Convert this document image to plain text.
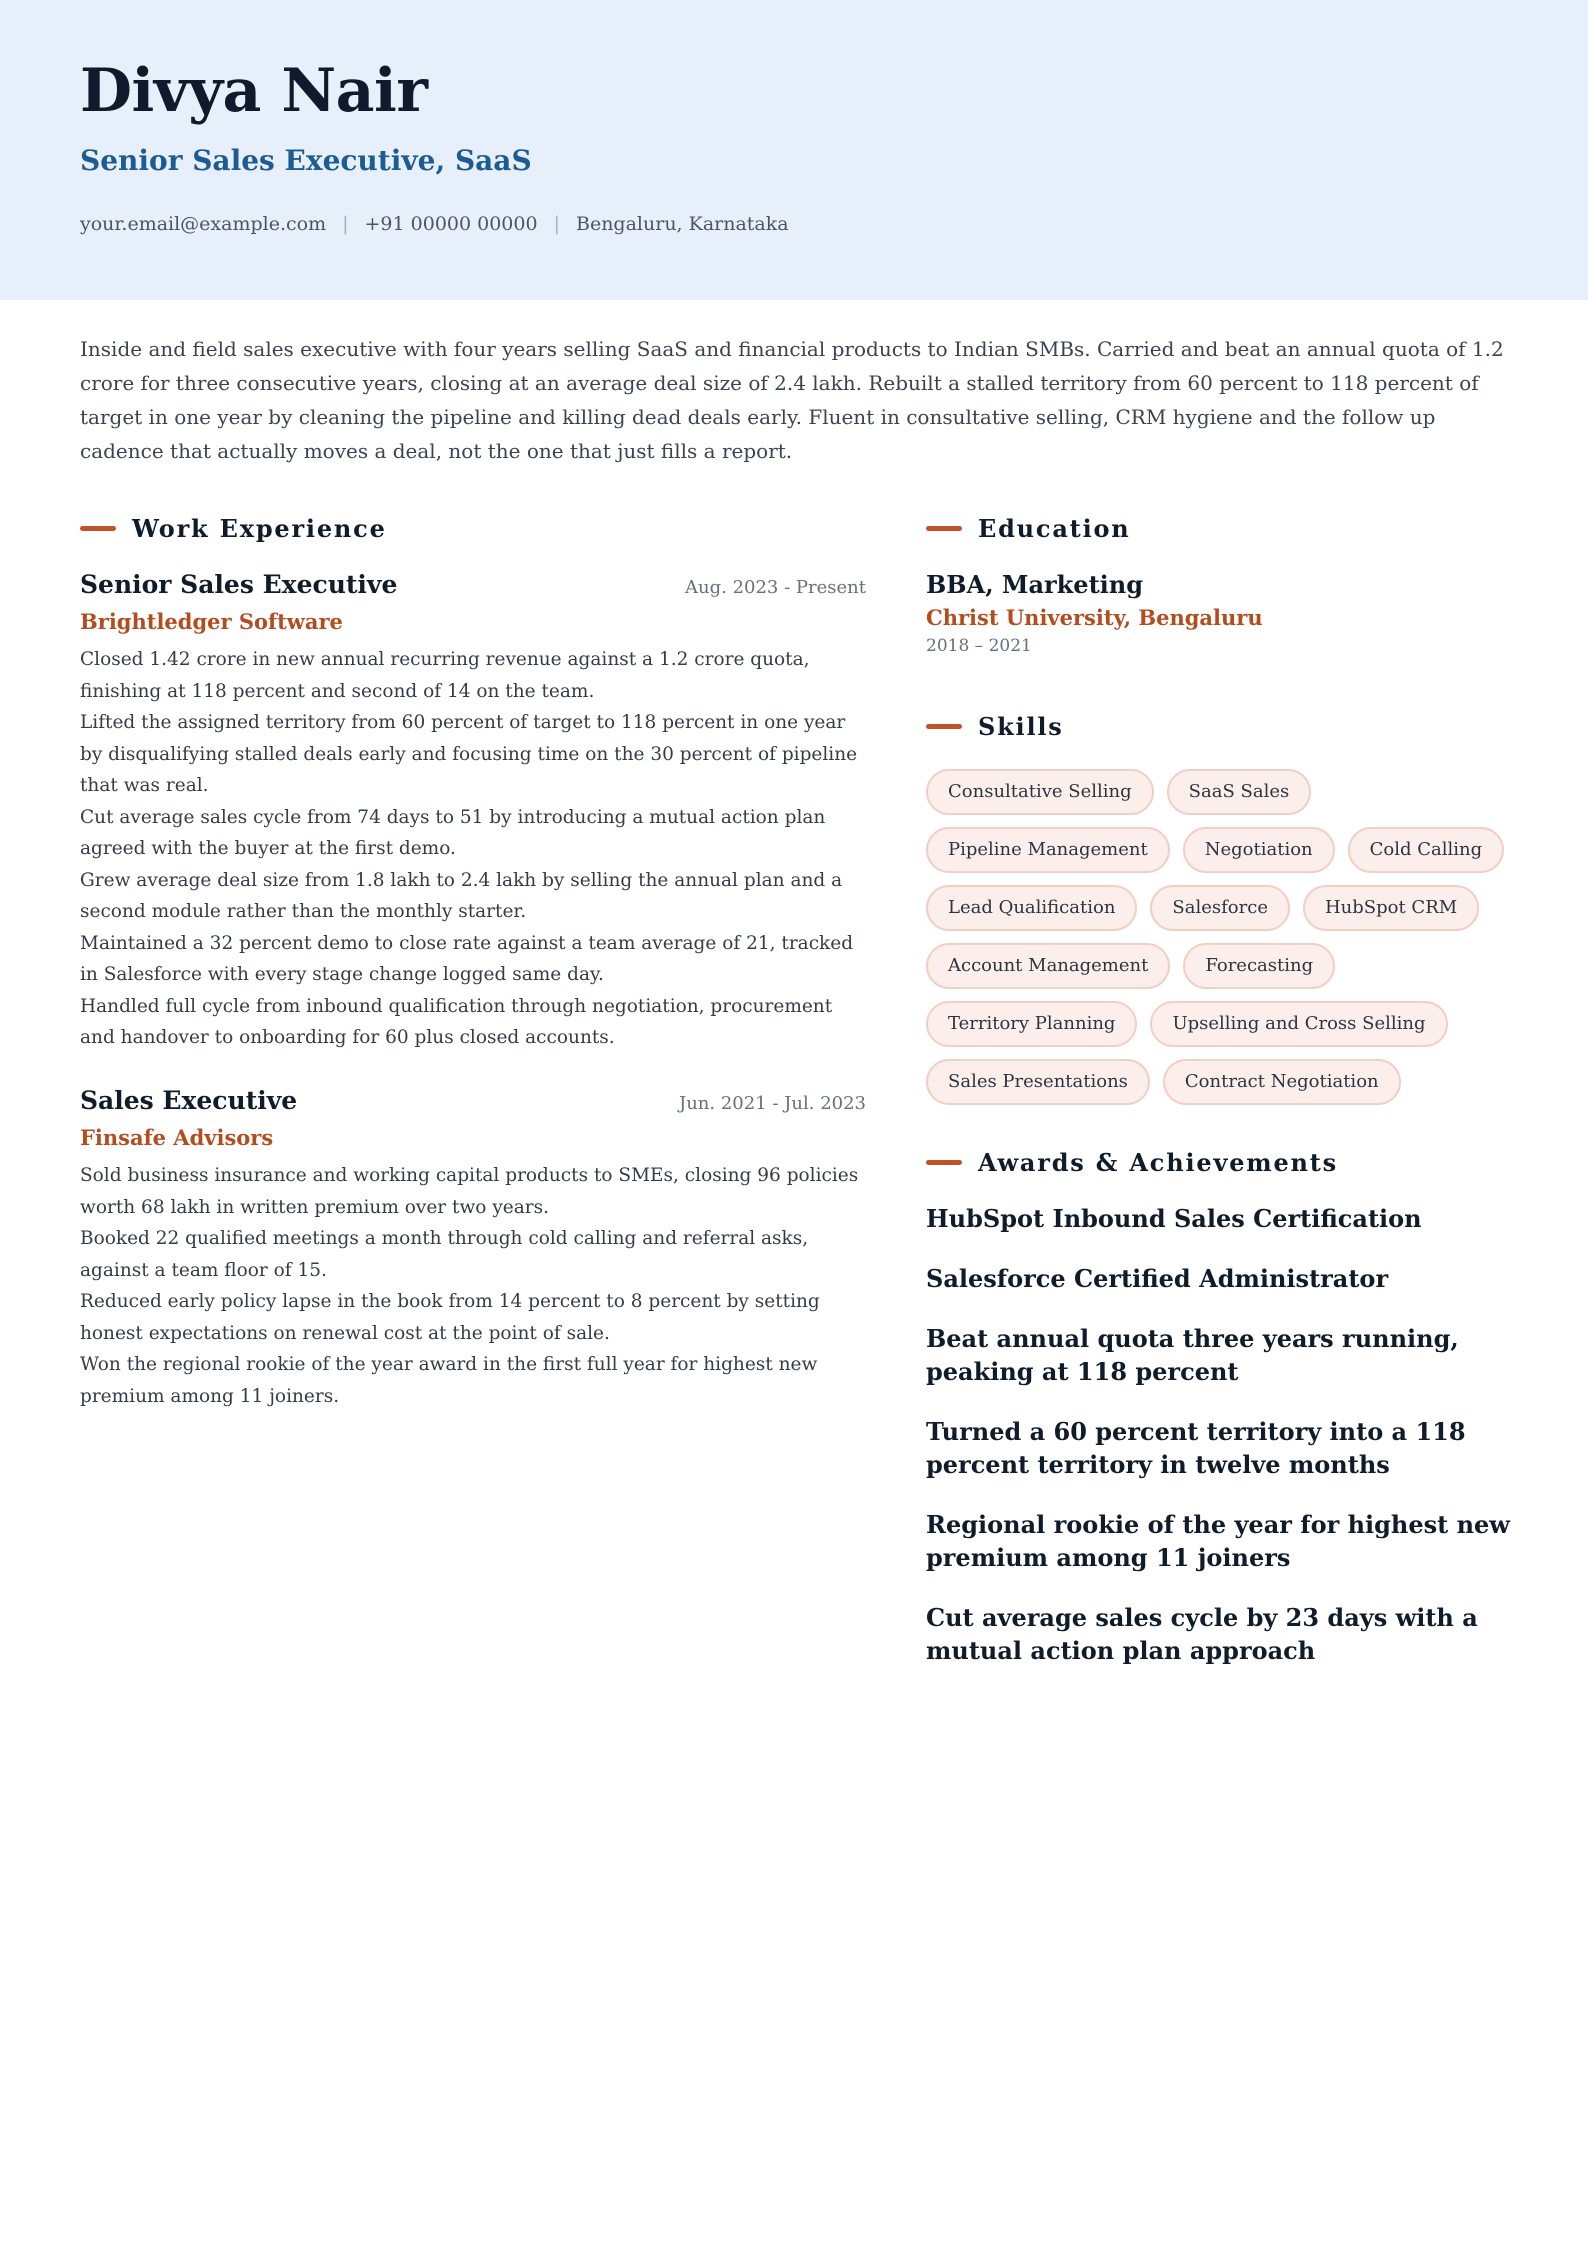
Divya Nair
Senior Sales Executive, SaaS
your.email@example.com | +91 00000 00000 | Bengaluru, Karnataka

Inside and field sales executive with four years selling SaaS and financial products to Indian SMBs. Carried and beat an annual quota of 1.2 crore for three consecutive years, closing at an average deal size of 2.4 lakh. Rebuilt a stalled territory from 60 percent to 118 percent of target in one year by cleaning the pipeline and killing dead deals early. Fluent in consultative selling, CRM hygiene and the follow up cadence that actually moves a deal, not the one that just fills a report.

Work Experience
Senior Sales Executive	Aug. 2023 - Present
Brightledger Software
Closed 1.42 crore in new annual recurring revenue against a 1.2 crore quota, finishing at 118 percent and second of 14 on the team.
Lifted the assigned territory from 60 percent of target to 118 percent in one year by disqualifying stalled deals early and focusing time on the 30 percent of pipeline that was real.
Cut average sales cycle from 74 days to 51 by introducing a mutual action plan agreed with the buyer at the first demo.
Grew average deal size from 1.8 lakh to 2.4 lakh by selling the annual plan and a second module rather than the monthly starter.
Maintained a 32 percent demo to close rate against a team average of 21, tracked in Salesforce with every stage change logged same day.
Handled full cycle from inbound qualification through negotiation, procurement and handover to onboarding for 60 plus closed accounts.
Sales Executive	Jun. 2021 - Jul. 2023
Finsafe Advisors
Sold business insurance and working capital products to SMEs, closing 96 policies worth 68 lakh in written premium over two years.
Booked 22 qualified meetings a month through cold calling and referral asks, against a team floor of 15.
Reduced early policy lapse in the book from 14 percent to 8 percent by setting honest expectations on renewal cost at the point of sale.
Won the regional rookie of the year award in the first full year for highest new premium among 11 joiners.
Education
BBA, Marketing
Christ University, Bengaluru
2018 – 2021
Skills
Consultative Selling	SaaS Sales
Pipeline Management	Negotiation	Cold Calling
Lead Qualification	Salesforce	HubSpot CRM
Account Management	Forecasting
Territory Planning	Upselling and Cross Selling
Sales Presentations	Contract Negotiation
Awards & Achievements
HubSpot Inbound Sales Certification
Salesforce Certified Administrator
Beat annual quota three years running, peaking at 118 percent
Turned a 60 percent territory into a 118 percent territory in twelve months
Regional rookie of the year for highest new premium among 11 joiners
Cut average sales cycle by 23 days with a mutual action plan approach
